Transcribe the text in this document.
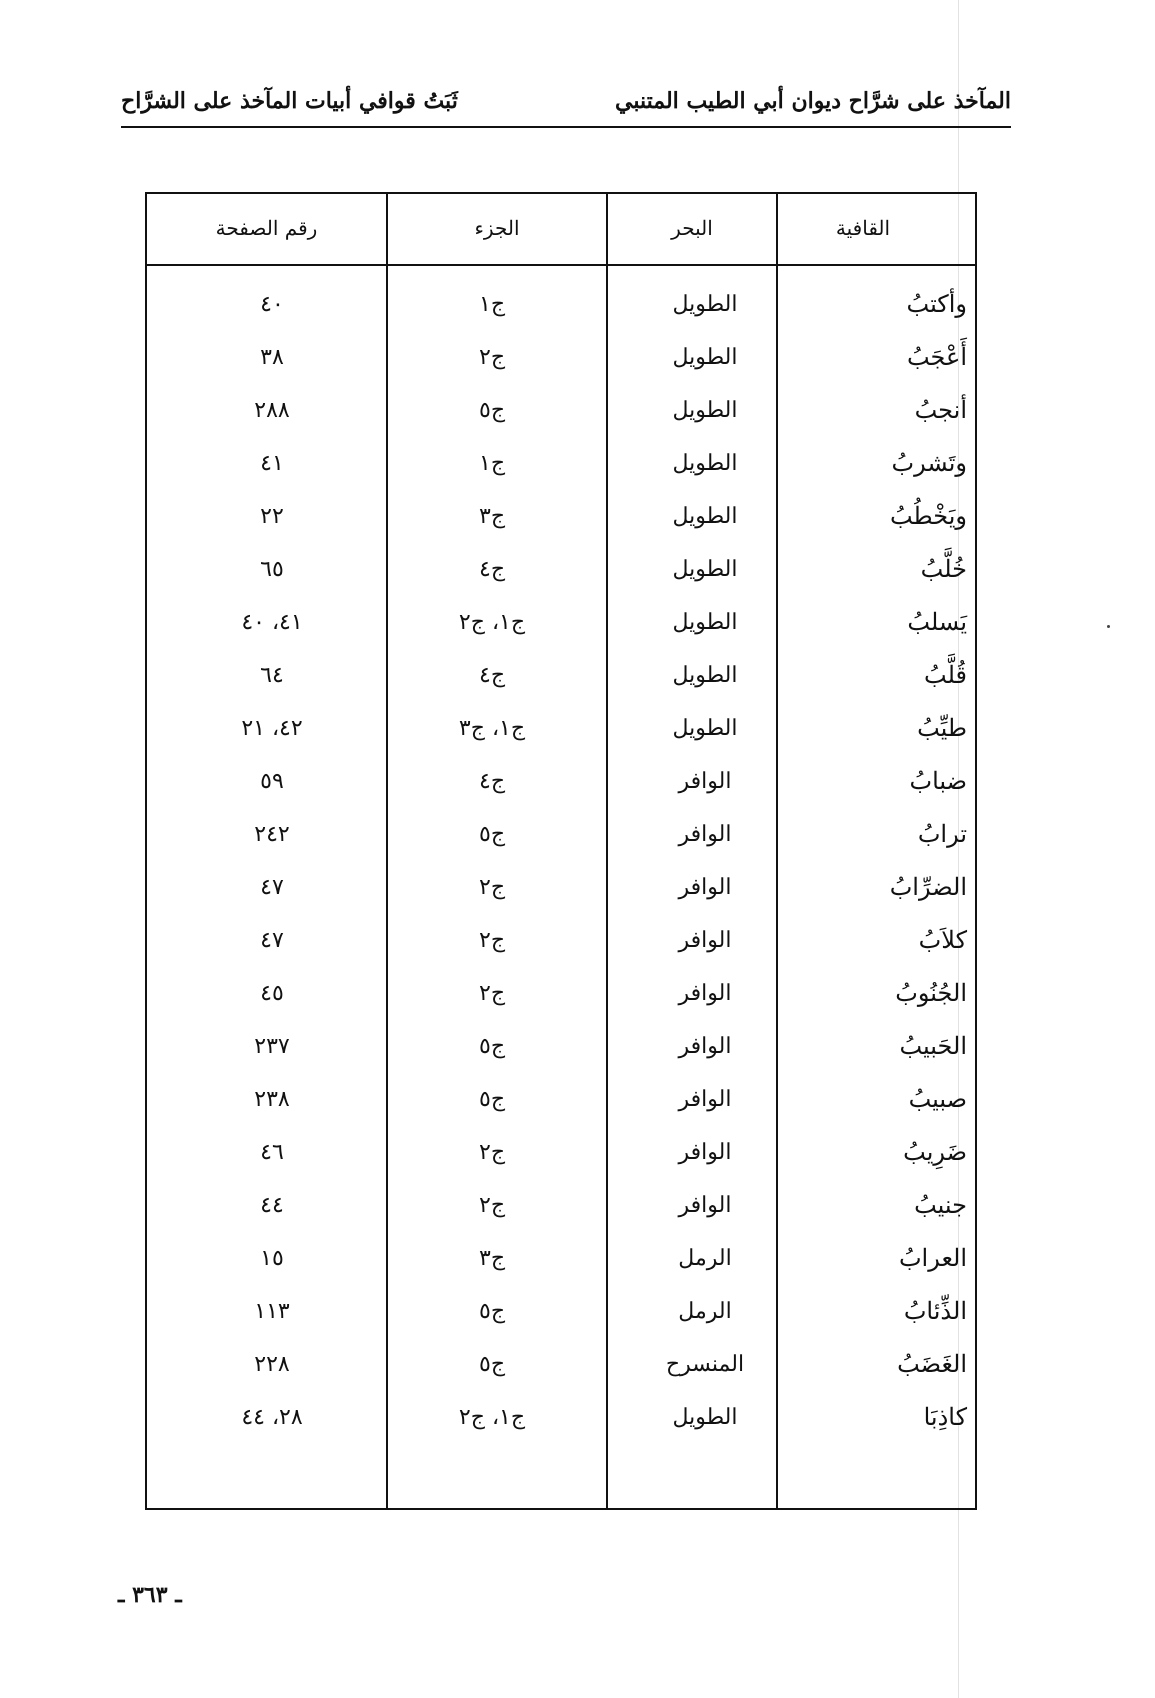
المآخذ على شرَّاح ديوان أبي الطيب المتنبي
ثَبَتُ قوافي أبيات المآخذ على الشرَّاح
القافية
البحر
الجزء
رقم الصفحة
وأكتبُ
الطويل
ج١
٤٠
أَعْجَبُ
الطويل
ج٢
٣٨
أنجبُ
الطويل
ج٥
٢٨٨
وتَشربُ
الطويل
ج١
٤١
ويَخْطُبُ
الطويل
ج٣
٢٢
خُلَّبُ
الطويل
ج٤
٦٥
يَسلبُ
الطويل
ج١، ج٢
٤١، ٤٠
قُلَّبُ
الطويل
ج٤
٦٤
طيِّبُ
الطويل
ج١، ج٣
٤٢، ٢١
ضبابُ
الوافر
ج٤
٥٩
ترابُ
الوافر
ج٥
٢٤٢
الضرِّابُ
الوافر
ج٢
٤٧
كلاَبُ
الوافر
ج٢
٤٧
الجُنُوبُ
الوافر
ج٢
٤٥
الحَبيبُ
الوافر
ج٥
٢٣٧
صبيبُ
الوافر
ج٥
٢٣٨
ضَرِيبُ
الوافر
ج٢
٤٦
جنيبُ
الوافر
ج٢
٤٤
العرابُ
الرمل
ج٣
١٥
الذِّئابُ
الرمل
ج٥
١١٣
الغَضَبُ
المنسرح
ج٥
٢٢٨
كاذِبَا
الطويل
ج١، ج٢
٢٨، ٤٤
ـ ٣٦٣ ـ
